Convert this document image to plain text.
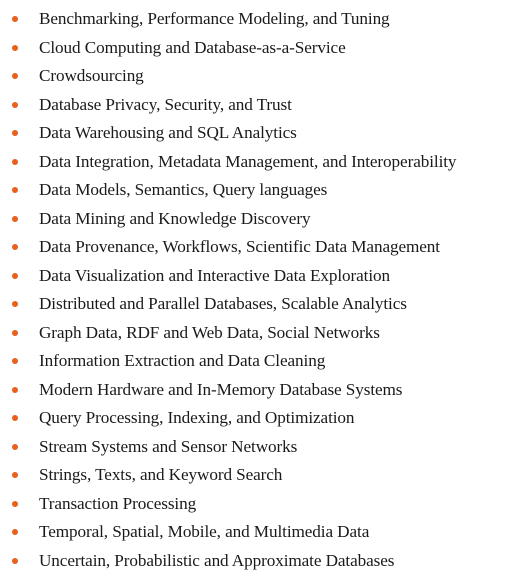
Benchmarking, Performance Modeling, and Tuning
Cloud Computing and Database-as-a-Service
Crowdsourcing
Database Privacy, Security, and Trust
Data Warehousing and SQL Analytics
Data Integration, Metadata Management, and Interoperability
Data Models, Semantics, Query languages
Data Mining and Knowledge Discovery
Data Provenance, Workflows, Scientific Data Management
Data Visualization and Interactive Data Exploration
Distributed and Parallel Databases, Scalable Analytics
Graph Data, RDF and Web Data, Social Networks
Information Extraction and Data Cleaning
Modern Hardware and In-Memory Database Systems
Query Processing, Indexing, and Optimization
Stream Systems and Sensor Networks
Strings, Texts, and Keyword Search
Transaction Processing
Temporal, Spatial, Mobile, and Multimedia Data
Uncertain, Probabilistic and Approximate Databases
